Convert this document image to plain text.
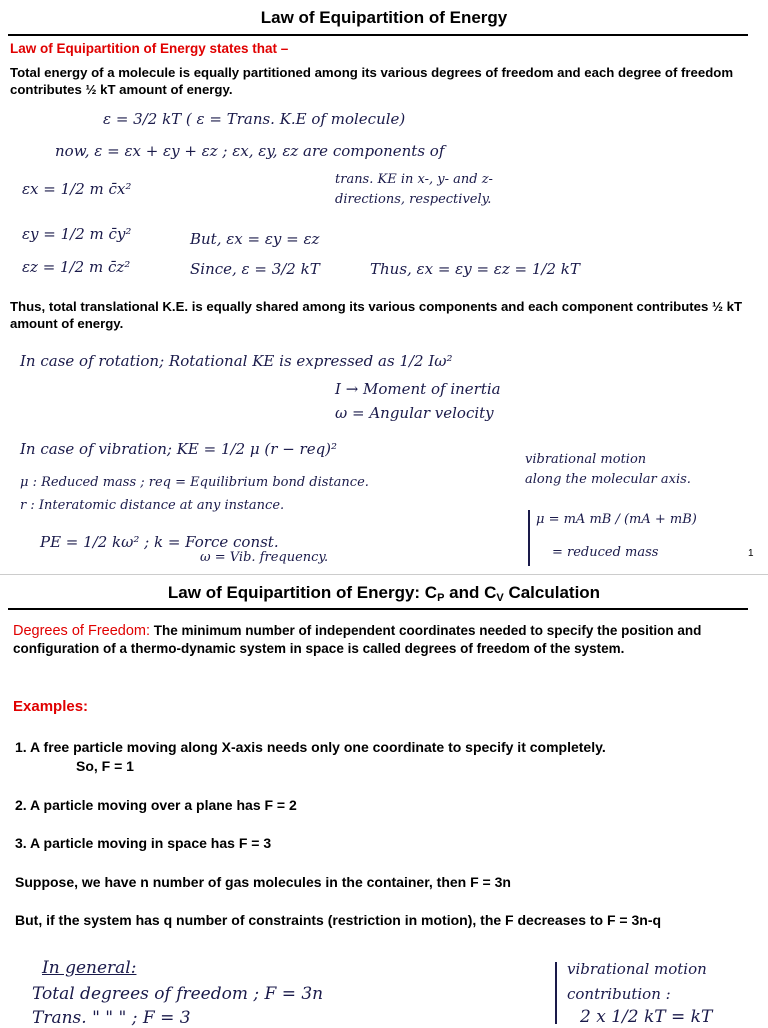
Law of Equipartition of Energy
Law of Equipartition of Energy states that –
Total energy of a molecule is equally partitioned among its various degrees of freedom and each degree of freedom contributes ½ kT amount of energy.
ε = 3/2 kT ( ε = Trans. K.E of molecule)
now, ε = εx + εy + εz ; εx, εy, εz are components of
trans. KE in x-, y- and z-
directions, respectively.
εx = 1/2 m c̄x²
εy = 1/2 m c̄y²
εz = 1/2 m c̄z²
But, εx = εy = εz
Since, ε = 3/2 kT	Thus, εx = εy = εz = 1/2 kT
Thus, total translational K.E. is equally shared among its various components and each component contributes ½ kT amount of energy.
In case of rotation; Rotational KE is expressed as 1/2 Iω²
I → Moment of inertia
ω = Angular velocity
In case of vibration; KE = 1/2 μ (r − req)²
μ : Reduced mass ; req = Equilibrium bond distance.
r : Interatomic distance at any instance.
PE = 1/2 kω² ; k = Force const.
ω = Vib. frequency.
vibrational motion
along the molecular axis.
μ = mA mB / (mA + mB)
= reduced mass	1
Law of Equipartition of Energy: $C_P$ and $C_V$ Calculation
Degrees of Freedom: The minimum number of independent coordinates needed to specify the position and configuration of a thermo-dynamic system in space is called degrees of freedom of the system.
Examples:
1. A free particle moving along X-axis needs only one coordinate to specify it completely.
So, F = 1
2. A particle moving over a plane has F = 2
3. A particle moving in space has F = 3
Suppose, we have n number of gas molecules in the container, then F = 3n
But, if the system has q number of constraints (restriction in motion), the F decreases to F = 3n-q
In general:
Total degrees of freedom ; F = 3n
Trans. " " " ; F = 3
vibrational motion
contribution :
2 x 1/2 kT = kT
